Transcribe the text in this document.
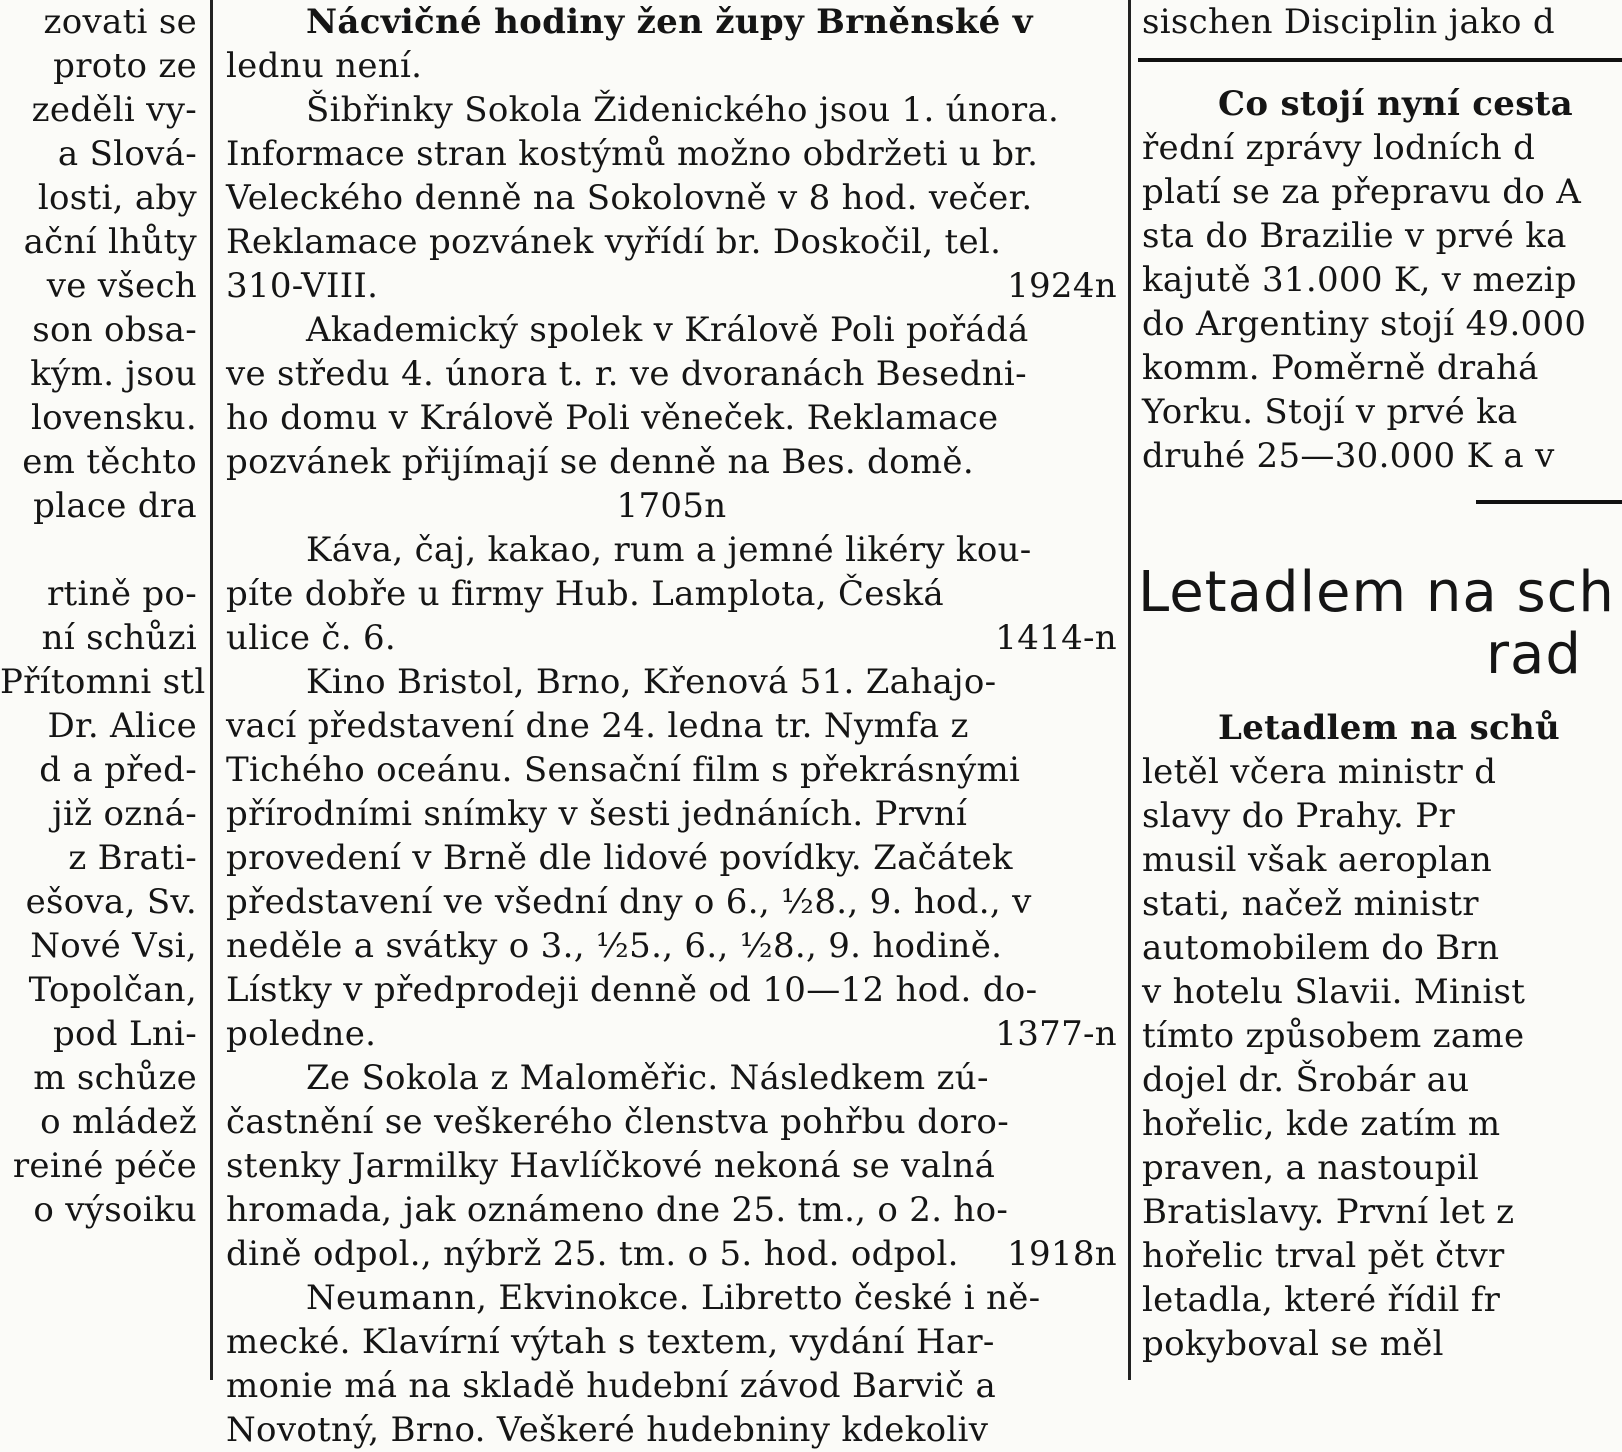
zovati se
proto ze
zeděli vy-
a Slová-
losti, aby
ační lhůty
ve všech
son obsa-
kým. jsou
lovensku.
em těchto
place dra
rtině po-
ní schůzi
Přítomni stl
Dr. Alice
d a před-
již ozná-
z Brati-
ešova, Sv.
Nové Vsi,
Topolčan,
pod Lni-
m schůze
o mládež
reiné péče
o výsoiku
Nácvičné hodiny žen župy Brněnské v
lednu není.
Šibřinky Sokola Židenického jsou 1. února.
Informace stran kostýmů možno obdržeti u br.
Veleckého denně na Sokolovně v 8 hod. večer.
Reklamace pozvánek vyřídí br. Doskočil, tel.
310-VIII.	1924n
Akademický spolek v Králově Poli pořádá
ve středu 4. února t. r. ve dvoranách Besedni-
ho domu v Králově Poli věneček. Reklamace
pozvánek přijímají se denně na Bes. domě.
1705n
Káva, čaj, kakao, rum a jemné likéry kou-
píte dobře u firmy Hub. Lamplota, Česká
ulice č. 6.	1414-n
Kino Bristol, Brno, Křenová 51. Zahajo-
vací představení dne 24. ledna tr. Nymfa z
Tichého oceánu. Sensační film s překrásnými
přírodními snímky v šesti jednáních. První
provedení v Brně dle lidové povídky. Začátek
představení ve všední dny o 6., ½8., 9. hod., v
neděle a svátky o 3., ½5., 6., ½8., 9. hodině.
Lístky v předprodeji denně od 10—12 hod. do-
poledne.	1377-n
Ze Sokola z Maloměřic. Následkem zú-
častnění se veškerého členstva pohřbu doro-
stenky Jarmilky Havlíčkové nekoná se valná
hromada, jak oznámeno dne 25. tm., o 2. ho-
dině odpol., nýbrž 25. tm. o 5. hod. odpol. 1918n
Neumann, Ekvinokce. Libretto české i ně-
mecké. Klavírní výtah s textem, vydání Har-
monie má na skladě hudební závod Barvič a
Novotný, Brno. Veškeré hudebniny kdekoliv
sischen Disciplin jako d
Co stojí nyní cesta
řední zprávy lodních d
platí se za přepravu do A
sta do Brazilie v prvé ka
kajutě 31.000 K, v mezip
do Argentiny stojí 49.000
komm. Poměrně drahá
Yorku. Stojí v prvé ka
druhé 25—30.000 K a v
Letadlem na sch
rad
Letadlem na schů
letěl včera ministr d
slavy do Prahy. Pr
musil však aeroplan
stati, načež ministr
automobilem do Brn
v hotelu Slavii. Minist
tímto způsobem zame
dojel dr. Šrobár au
hořelic, kde zatím m
praven, a nastoupil
Bratislavy. První let z
hořelic trval pět čtvr
letadla, které řídil fr
pokyboval se měl
